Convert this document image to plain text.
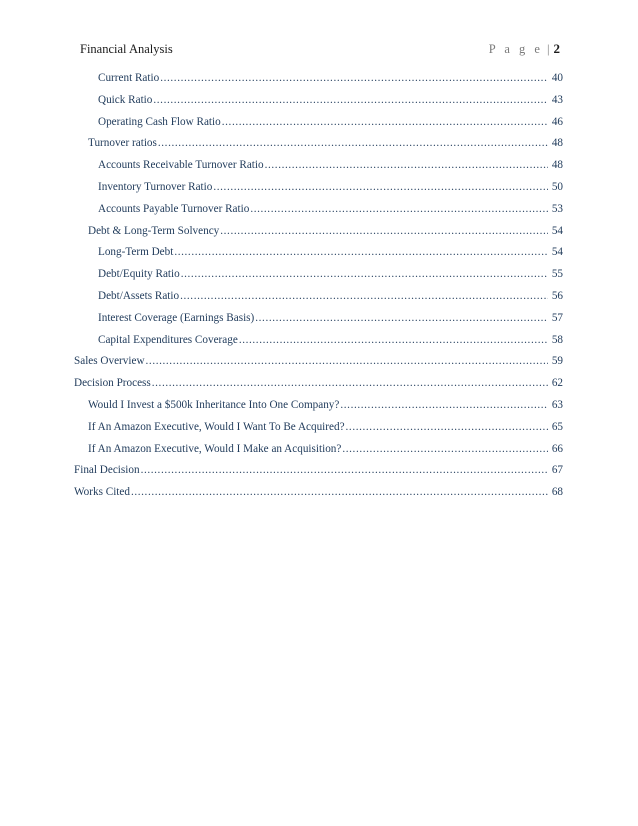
Financial Analysis	P a g e | 2
Current Ratio .....	40
Quick Ratio .....	43
Operating Cash Flow Ratio .....	46
Turnover ratios .....	48
Accounts Receivable Turnover Ratio .....	48
Inventory Turnover Ratio .....	50
Accounts Payable Turnover Ratio .....	53
Debt & Long-Term Solvency .....	54
Long-Term Debt .....	54
Debt/Equity Ratio .....	55
Debt/Assets Ratio .....	56
Interest Coverage (Earnings Basis) .....	57
Capital Expenditures Coverage .....	58
Sales Overview .....	59
Decision Process .....	62
Would I Invest a $500k Inheritance Into One Company? .....	63
If An Amazon Executive, Would I Want To Be Acquired? .....	65
If An Amazon Executive, Would I Make an Acquisition? .....	66
Final Decision .....	67
Works Cited .....	68
